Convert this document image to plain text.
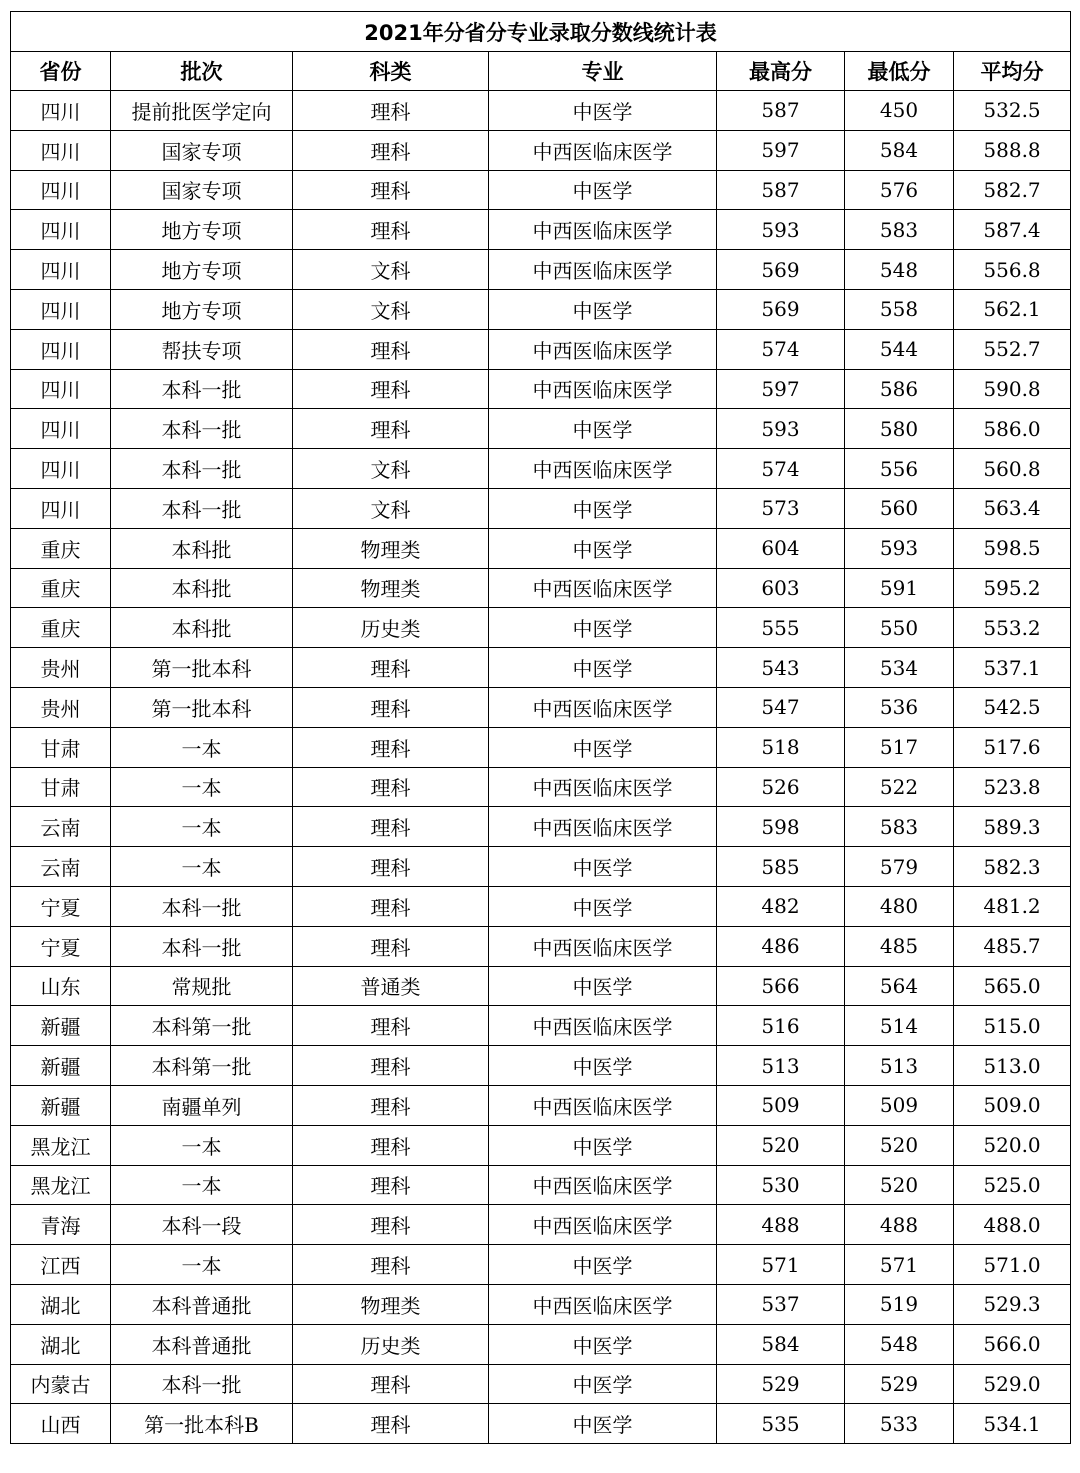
2021年分省分专业录取分数线统计表						
省份	批次	科类	专业	最高分	最低分	平均分
四川	提前批医学定向	理科	中医学	587	450	532.5
四川	国家专项	理科	中西医临床医学	597	584	588.8
四川	国家专项	理科	中医学	587	576	582.7
四川	地方专项	理科	中西医临床医学	593	583	587.4
四川	地方专项	文科	中西医临床医学	569	548	556.8
四川	地方专项	文科	中医学	569	558	562.1
四川	帮扶专项	理科	中西医临床医学	574	544	552.7
四川	本科一批	理科	中西医临床医学	597	586	590.8
四川	本科一批	理科	中医学	593	580	586.0
四川	本科一批	文科	中西医临床医学	574	556	560.8
四川	本科一批	文科	中医学	573	560	563.4
重庆	本科批	物理类	中医学	604	593	598.5
重庆	本科批	物理类	中西医临床医学	603	591	595.2
重庆	本科批	历史类	中医学	555	550	553.2
贵州	第一批本科	理科	中医学	543	534	537.1
贵州	第一批本科	理科	中西医临床医学	547	536	542.5
甘肃	一本	理科	中医学	518	517	517.6
甘肃	一本	理科	中西医临床医学	526	522	523.8
云南	一本	理科	中西医临床医学	598	583	589.3
云南	一本	理科	中医学	585	579	582.3
宁夏	本科一批	理科	中医学	482	480	481.2
宁夏	本科一批	理科	中西医临床医学	486	485	485.7
山东	常规批	普通类	中医学	566	564	565.0
新疆	本科第一批	理科	中西医临床医学	516	514	515.0
新疆	本科第一批	理科	中医学	513	513	513.0
新疆	南疆单列	理科	中西医临床医学	509	509	509.0
黑龙江	一本	理科	中医学	520	520	520.0
黑龙江	一本	理科	中西医临床医学	530	520	525.0
青海	本科一段	理科	中西医临床医学	488	488	488.0
江西	一本	理科	中医学	571	571	571.0
湖北	本科普通批	物理类	中西医临床医学	537	519	529.3
湖北	本科普通批	历史类	中医学	584	548	566.0
内蒙古	本科一批	理科	中医学	529	529	529.0
山西	第一批本科B	理科	中医学	535	533	534.1
